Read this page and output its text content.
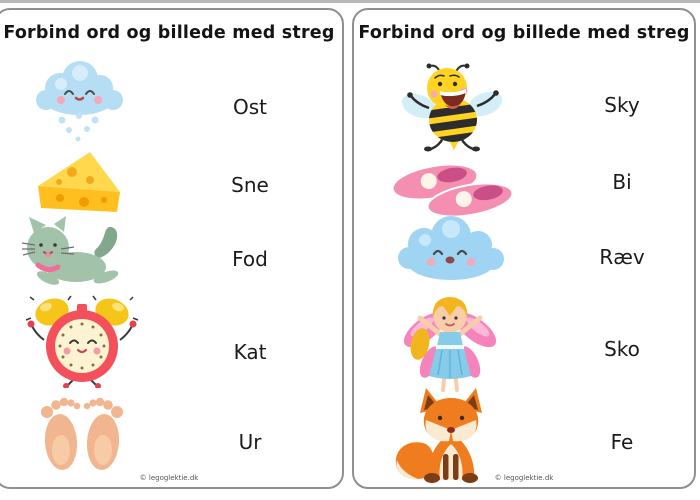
Forbind ord og billede med streg
Ost
Sne
Fod
Kat
Ur
© legoglektie.dk
Forbind ord og billede med streg
Sky
Bi
Ræv
Sko
Fe
© legoglektie.dk
